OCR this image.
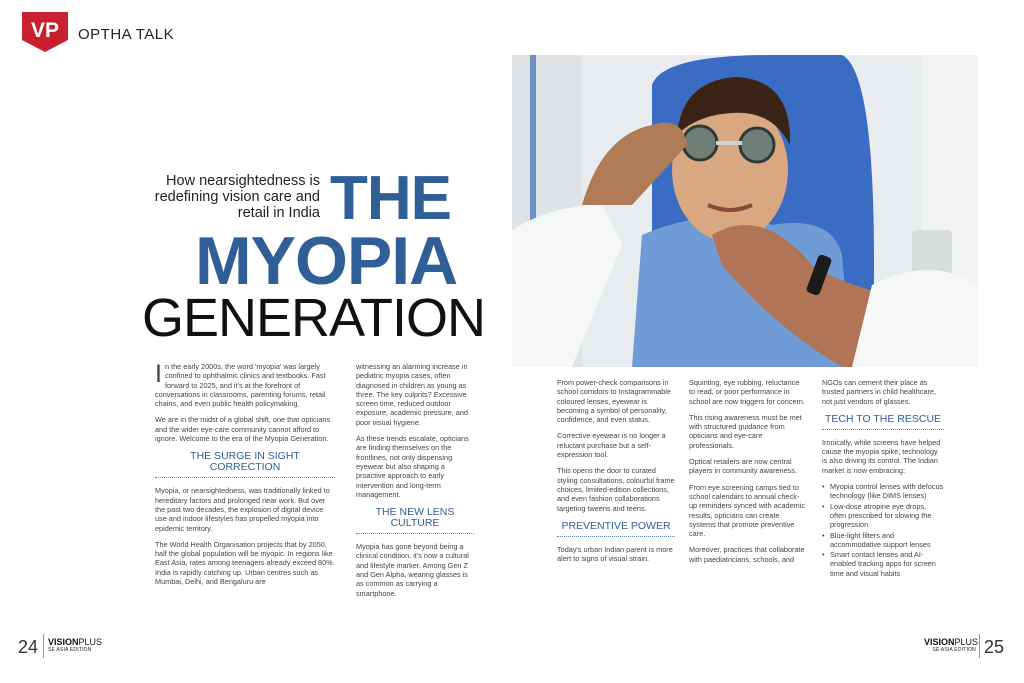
VP OPTHA TALK
How nearsightedness is redefining vision care and retail in India THE
MYOPIA
GENERATION

In the early 2000s, the word 'myopia' was largely confined to ophthalmic clinics and textbooks. Fast forward to 2025, and it's at the forefront of conversations in classrooms, parenting forums, retail chains, and even public health policymaking.

We are in the midst of a global shift, one that opticians and the wider eye-care community cannot afford to ignore. Welcome to the era of the Myopia Generation.

THE SURGE IN SIGHT CORRECTION

Myopia, or nearsightedness, was traditionally linked to hereditary factors and prolonged near work. But over the past two decades, the explosion of digital device use and indoor lifestyles has propelled myopia into epidemic territory.

The World Health Organisation projects that by 2050, half the global population will be myopic. In regions like East Asia, rates among teenagers already exceed 80%. India is rapidly catching up. Urban centres such as Mumbai, Delhi, and Bengaluru are

witnessing an alarming increase in pediatric myopia cases, often diagnosed in children as young as three. The key culprits? Excessive screen time, reduced outdoor exposure, academic pressure, and poor visual hygiene.

As these trends escalate, opticians are finding themselves on the frontlines, not only dispensing eyewear but also shaping a proactive approach to early intervention and long-term management.

THE NEW LENS CULTURE

Myopia has gone beyond being a clinical condition, it's now a cultural and lifestyle marker. Among Gen Z and Gen Alpha, wearing glasses is as common as carrying a smartphone.

From power-check comparisons in school corridors to Instagrammable coloured lenses, eyewear is becoming a symbol of personality, confidence, and even status.

Corrective eyewear is no longer a reluctant purchase but a self-expression tool.

This opens the door to curated styling consultations, colourful frame choices, limited-edition collections, and even fashion collaborations targeting tweens and teens.

PREVENTIVE POWER

Today's urban Indian parent is more alert to signs of visual strain.

Squinting, eye rubbing, reluctance to read, or poor performance in school are now triggers for concern.

This rising awareness must be met with structured guidance from opticians and eye-care professionals.

Optical retailers are now central players in community awareness.

From eye screening camps tied to school calendars to annual check-up reminders synced with academic results, opticians can create systems that promote preventive care.

Moreover, practices that collaborate with paediatricians, schools, and

NGOs can cement their place as trusted partners in child healthcare, not just vendors of glasses.

TECH TO THE RESCUE

Ironically, while screens have helped cause the myopia spike, technology is also driving its control. The Indian market is now embracing:

• Myopia control lenses with defocus technology (like DIMS lenses)
• Low-dose atropine eye drops, often prescribed for slowing the progression
• Blue-light filters and accommodative support lenses
• Smart contact lenses and AI-enabled tracking apps for screen time and visual habits
24 VISIONPLUS
SE ASIA EDITION
VISIONPLUS
SE ASIA EDITION 25
